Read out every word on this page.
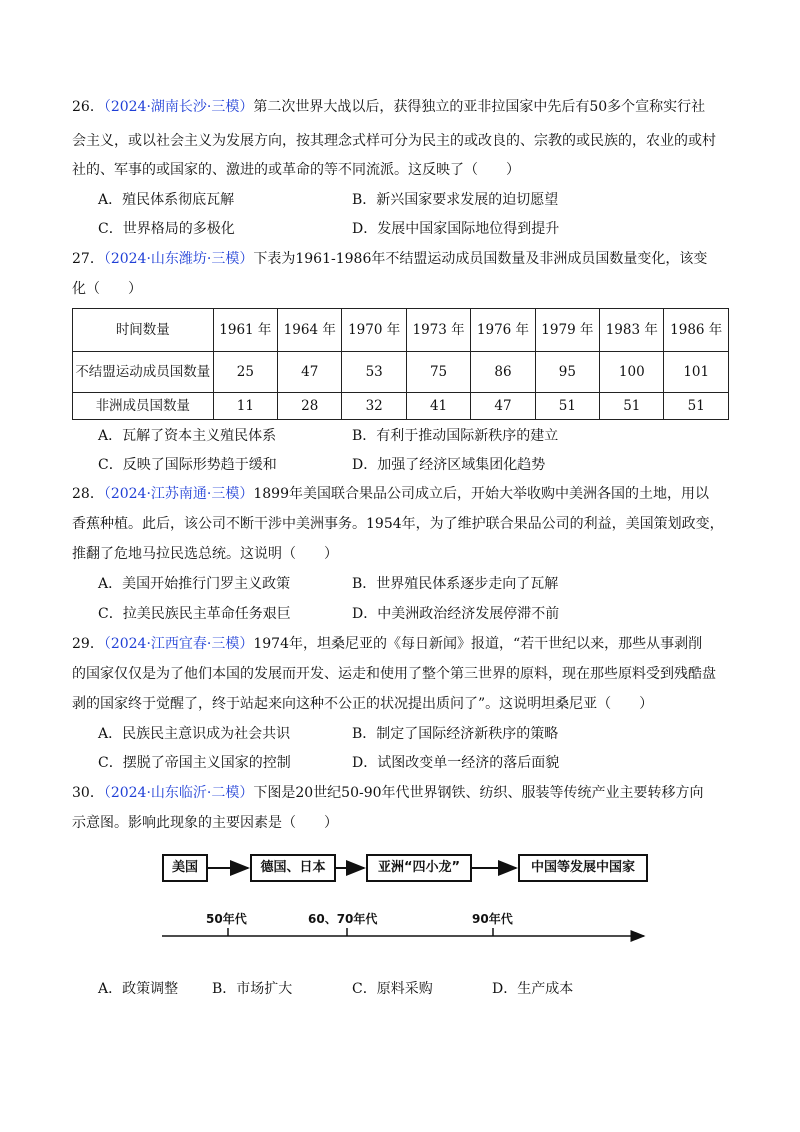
26．（2024·湖南长沙·三模）第二次世界大战以后，获得独立的亚非拉国家中先后有50多个宣称实行社
会主义，或以社会主义为发展方向，按其理念式样可分为民主的或改良的、宗教的或民族的，农业的或村
社的、军事的或国家的、激进的或革命的等不同流派。这反映了（　　）
A．殖民体系彻底瓦解	B．新兴国家要求发展的迫切愿望
C．世界格局的多极化	D．发展中国家国际地位得到提升
27．（2024·山东潍坊·三模）下表为1961-1986年不结盟运动成员国数量及非洲成员国数量变化，该变
化（　　）
时间数量	1961 年	1964 年	1970 年	1973 年	1976 年	1979 年	1983 年	1986 年
不结盟运动成员国数量	25	47	53	75	86	95	100	101
非洲成员国数量	11	28	32	41	47	51	51	51
A．瓦解了资本主义殖民体系	B．有利于推动国际新秩序的建立
C．反映了国际形势趋于缓和	D．加强了经济区域集团化趋势
28．（2024·江苏南通·三模）1899年美国联合果品公司成立后，开始大举收购中美洲各国的土地，用以
香蕉种植。此后，该公司不断干涉中美洲事务。1954年，为了维护联合果品公司的利益，美国策划政变，
推翻了危地马拉民选总统。这说明（　　）
A．美国开始推行门罗主义政策	B．世界殖民体系逐步走向了瓦解
C．拉美民族民主革命任务艰巨	D．中美洲政治经济发展停滞不前
29．（2024·江西宜春·三模）1974年，坦桑尼亚的《每日新闻》报道，“若干世纪以来，那些从事剥削
的国家仅仅是为了他们本国的发展而开发、运走和使用了整个第三世界的原料，现在那些原料受到残酷盘
剥的国家终于觉醒了，终于站起来向这种不公正的状况提出质问了”。这说明坦桑尼亚（　　）
A．民族民主意识成为社会共识	B．制定了国际经济新秩序的策略
C．摆脱了帝国主义国家的控制	D．试图改变单一经济的落后面貌
30．（2024·山东临沂·二模）下图是20世纪50-90年代世界钢铁、纺织、服装等传统产业主要转移方向
示意图。影响此现象的主要因素是（　　）
美国	德国、日本	亚洲“四小龙”	中国等发展中国家
50年代	60、70年代	90年代
A．政策调整 B．市场扩大	C．原料采购	D．生产成本
